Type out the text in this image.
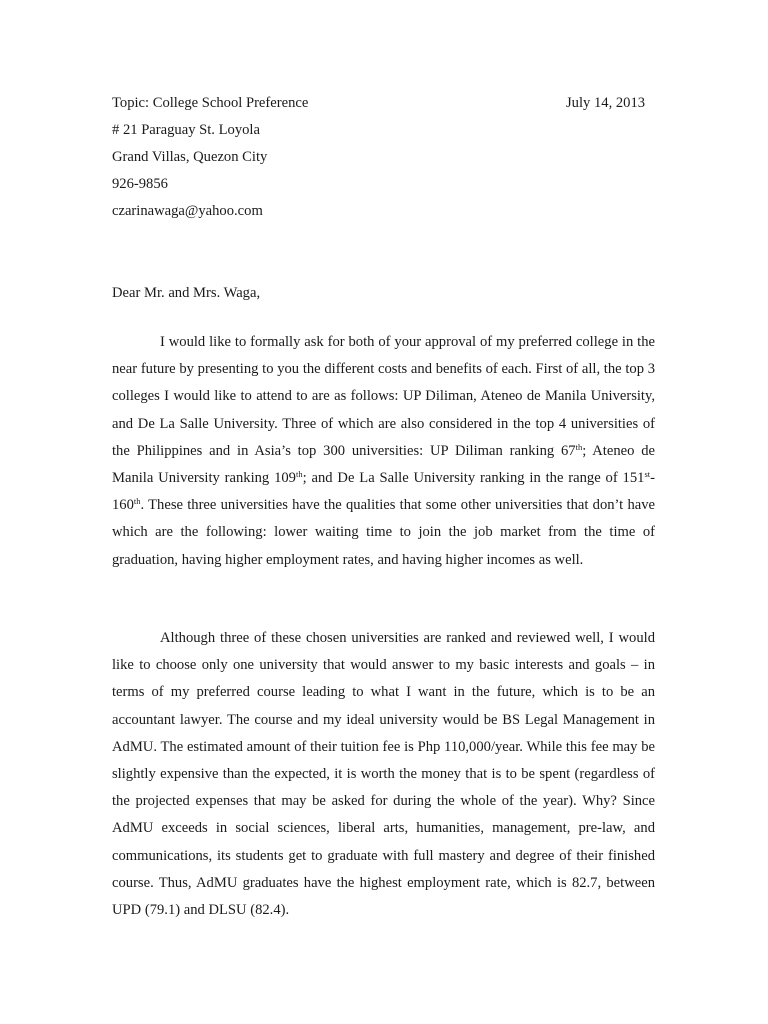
Topic: College School Preference	July 14, 2013
# 21 Paraguay St. Loyola
Grand Villas, Quezon City
926-9856
czarinawaga@yahoo.com
Dear Mr. and Mrs. Waga,

I would like to formally ask for both of your approval of my preferred college in the near future by presenting to you the different costs and benefits of each. First of all, the top 3 colleges I would like to attend to are as follows: UP Diliman, Ateneo de Manila University, and De La Salle University. Three of which are also considered in the top 4 universities of the Philippines and in Asia’s top 300 universities: UP Diliman ranking 67th; Ateneo de Manila University ranking 109th; and De La Salle University ranking in the range of 151st-160th. These three universities have the qualities that some other universities that don’t have which are the following: lower waiting time to join the job market from the time of graduation, having higher employment rates, and having higher incomes as well.

Although three of these chosen universities are ranked and reviewed well, I would like to choose only one university that would answer to my basic interests and goals – in terms of my preferred course leading to what I want in the future, which is to be an accountant lawyer. The course and my ideal university would be BS Legal Management in AdMU. The estimated amount of their tuition fee is Php 110,000/year. While this fee may be slightly expensive than the expected, it is worth the money that is to be spent (regardless of the projected expenses that may be asked for during the whole of the year). Why? Since AdMU exceeds in social sciences, liberal arts, humanities, management, pre-law, and communications, its students get to graduate with full mastery and degree of their finished course. Thus, AdMU graduates have the highest employment rate, which is 82.7, between UPD (79.1) and DLSU (82.4).
